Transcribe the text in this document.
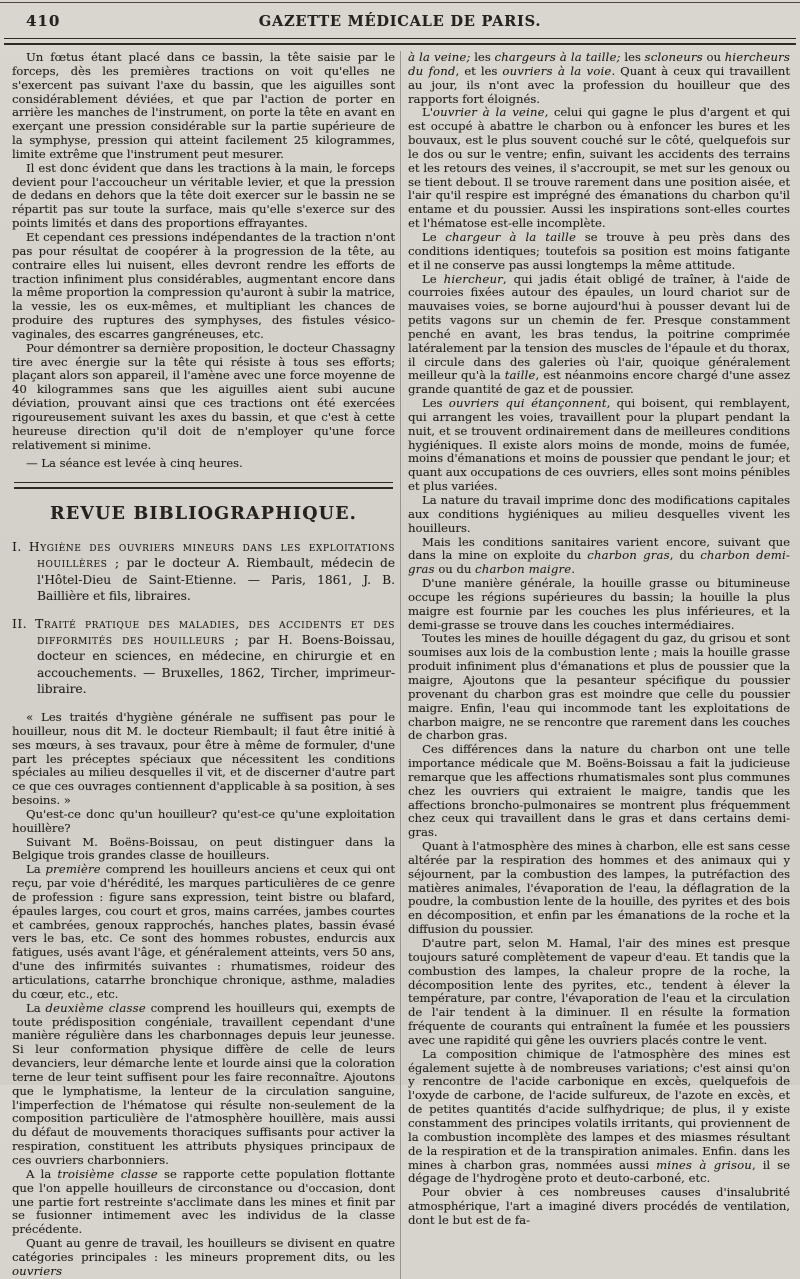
410	GAZETTE MÉDICALE DE PARIS.

Un fœtus étant placé dans ce bassin, la tête saisie par le forceps, dès les premières tractions on voit qu'elles ne s'exercent pas suivant l'axe du bassin, que les aiguilles sont considérablement déviées, et que par l'action de porter en arrière les manches de l'instrument, on porte la tête en avant en exerçant une pression considérable sur la partie supérieure de la symphyse, pression qui atteint facilement 25 kilogrammes, limite extrême que l'instrument peut mesurer.

Il est donc évident que dans les tractions à la main, le forceps devient pour l'accoucheur un véritable levier, et que la pression de dedans en dehors que la tête doit exercer sur le bassin ne se répartit pas sur toute la surface, mais qu'elle s'exerce sur des points limités et dans des proportions effrayantes.

Et cependant ces pressions indépendantes de la traction n'ont pas pour résultat de coopérer à la progression de la tête, au contraire elles lui nuisent, elles devront rendre les efforts de traction infiniment plus considérables, augmentant encore dans la même proportion la compression qu'auront à subir la matrice, la vessie, les os eux-mêmes, et multipliant les chances de produire des ruptures des symphyses, des fistules vésico-vaginales, des escarres gangréneuses, etc.

Pour démontrer sa dernière proposition, le docteur Chassagny tire avec énergie sur la tête qui résiste à tous ses efforts; plaçant alors son appareil, il l'amène avec une force moyenne de 40 kilogrammes sans que les aiguilles aient subi aucune déviation, prouvant ainsi que ces tractions ont été exercées rigoureusement suivant les axes du bassin, et que c'est à cette heureuse direction qu'il doit de n'employer qu'une force relativement si minime.

— La séance est levée à cinq heures.

REVUE BIBLIOGRAPHIQUE.

I. Hygiène des ouvriers mineurs dans les exploitations houillères ; par le docteur A. Riembault, médecin de l'Hôtel-Dieu de Saint-Etienne. — Paris, 1861, J. B. Baillière et fils, libraires.

II. Traité pratique des maladies, des accidents et des difformités des houilleurs ; par H. Boens-Boissau, docteur en sciences, en médecine, en chirurgie et en accouchements. — Bruxelles, 1862, Tircher, imprimeur-libraire.

« Les traités d'hygiène générale ne suffisent pas pour le houilleur, nous dit M. le docteur Riembault; il faut être initié à ses mœurs, à ses travaux, pour être à même de formuler, d'une part les préceptes spéciaux que nécessitent les conditions spéciales au milieu desquelles il vit, et de discerner d'autre part ce que ces ouvrages contiennent d'applicable à sa position, à ses besoins. »

Qu'est-ce donc qu'un houilleur? qu'est-ce qu'une exploitation houillère?

Suivant M. Boëns-Boissau, on peut distinguer dans la Belgique trois grandes classe de houilleurs.

La première comprend les houilleurs anciens et ceux qui ont reçu, par voie d'hérédité, les marques particulières de ce genre de profession : figure sans expression, teint bistre ou blafard, épaules larges, cou court et gros, mains carrées, jambes courtes et cambrées, genoux rapprochés, hanches plates, bassin évasé vers le bas, etc. Ce sont des hommes robustes, endurcis aux fatigues, usés avant l'âge, et généralement atteints, vers 50 ans, d'une des infirmités suivantes : rhumatismes, roideur des articulations, catarrhe bronchique chronique, asthme, maladies du cœur, etc., etc.

La deuxième classe comprend les houilleurs qui, exempts de toute prédisposition congéniale, travaillent cependant d'une manière régulière dans les charbonnages depuis leur jeunesse. Si leur conformation physique diffère de celle de leurs devanciers, leur démarche lente et lourde ainsi que la coloration terne de leur teint suffisent pour les faire reconnaître. Ajoutons que le lymphatisme, la lenteur de la circulation sanguine, l'imperfection de l'hématose qui résulte non-seulement de la composition particulière de l'atmosphère houillère, mais aussi du défaut de mouvements thoraciques suffisants pour activer la respiration, constituent les attributs physiques principaux de ces ouvriers charbonniers.

A la troisième classe se rapporte cette population flottante que l'on appelle houilleurs de circonstance ou d'occasion, dont une partie fort restreinte s'acclimate dans les mines et finit par se fusionner intimement avec les individus de la classe précédente.

Quant au genre de travail, les houilleurs se divisent en quatre catégories principales : les mineurs proprement dits, ou les ouvriers

à la veine; les chargeurs à la taille; les scloneurs ou hiercheurs du fond, et les ouvriers à la voie. Quant à ceux qui travaillent au jour, ils n'ont avec la profession du houilleur que des rapports fort éloignés.

L'ouvrier à la veine, celui qui gagne le plus d'argent et qui est occupé à abattre le charbon ou à enfoncer les bures et les bouvaux, est le plus souvent couché sur le côté, quelquefois sur le dos ou sur le ventre; enfin, suivant les accidents des terrains et les retours des veines, il s'accroupit, se met sur les genoux ou se tient debout. Il se trouve rarement dans une position aisée, et l'air qu'il respire est imprégné des émanations du charbon qu'il entame et du poussier. Aussi les inspirations sont-elles courtes et l'hématose est-elle incomplète.

Le chargeur à la taille se trouve à peu près dans des conditions identiques; toutefois sa position est moins fatigante et il ne conserve pas aussi longtemps la même attitude.

Le hiercheur, qui jadis était obligé de traîner, à l'aide de courroies fixées autour des épaules, un lourd chariot sur de mauvaises voies, se borne aujourd'hui à pousser devant lui de petits vagons sur un chemin de fer. Presque constamment penché en avant, les bras tendus, la poitrine comprimée latéralement par la tension des muscles de l'épaule et du thorax, il circule dans des galeries où l'air, quoique généralement meilleur qu'à la taille, est néanmoins encore chargé d'une assez grande quantité de gaz et de poussier.

Les ouvriers qui étançonnent, qui boisent, qui remblayent, qui arrangent les voies, travaillent pour la plupart pendant la nuit, et se trouvent ordinairement dans de meilleures conditions hygiéniques. Il existe alors moins de monde, moins de fumée, moins d'émanations et moins de poussier que pendant le jour; et quant aux occupations de ces ouvriers, elles sont moins pénibles et plus variées.

La nature du travail imprime donc des modifications capitales aux conditions hygiéniques au milieu desquelles vivent les houilleurs.

Mais les conditions sanitaires varient encore, suivant que dans la mine on exploite du charbon gras, du charbon demi-gras ou du charbon maigre.

D'une manière générale, la houille grasse ou bitumineuse occupe les régions supérieures du bassin; la houille la plus maigre est fournie par les couches les plus inférieures, et la demi-grasse se trouve dans les couches intermédiaires.

Toutes les mines de houille dégagent du gaz, du grisou et sont soumises aux lois de la combustion lente ; mais la houille grasse produit infiniment plus d'émanations et plus de poussier que la maigre, Ajoutons que la pesanteur spécifique du poussier provenant du charbon gras est moindre que celle du poussier maigre. Enfin, l'eau qui incommode tant les exploitations de charbon maigre, ne se rencontre que rarement dans les couches de charbon gras.

Ces différences dans la nature du charbon ont une telle importance médicale que M. Boëns-Boissau a fait la judicieuse remarque que les affections rhumatismales sont plus communes chez les ouvriers qui extraient le maigre, tandis que les affections broncho-pulmonaires se montrent plus fréquemment chez ceux qui travaillent dans le gras et dans certains demi-gras.

Quant à l'atmosphère des mines à charbon, elle est sans cesse altérée par la respiration des hommes et des animaux qui y séjournent, par la combustion des lampes, la putréfaction des matières animales, l'évaporation de l'eau, la déflagration de la poudre, la combustion lente de la houille, des pyrites et des bois en décomposition, et enfin par les émanations de la roche et la diffusion du poussier.

D'autre part, selon M. Hamal, l'air des mines est presque toujours saturé complètement de vapeur d'eau. Et tandis que la combustion des lampes, la chaleur propre de la roche, la décomposition lente des pyrites, etc., tendent à élever la température, par contre, l'évaporation de l'eau et la circulation de l'air tendent à la diminuer. Il en résulte la formation fréquente de courants qui entraînent la fumée et les poussiers avec une rapidité qui gêne les ouvriers placés contre le vent.

La composition chimique de l'atmosphère des mines est également sujette à de nombreuses variations; c'est ainsi qu'on y rencontre de l'acide carbonique en excès, quelquefois de l'oxyde de carbone, de l'acide sulfureux, de l'azote en excès, et de petites quantités d'acide sulfhydrique; de plus, il y existe constamment des principes volatils irritants, qui proviennent de la combustion incomplète des lampes et des miasmes résultant de la respiration et de la transpiration animales. Enfin. dans les mines à charbon gras, nommées aussi mines à grisou, il se dégage de l'hydrogène proto et deuto-carboné, etc.

Pour obvier à ces nombreuses causes d'insalubrité atmosphérique, l'art a imaginé divers procédés de ventilation, dont le but est de fa-
